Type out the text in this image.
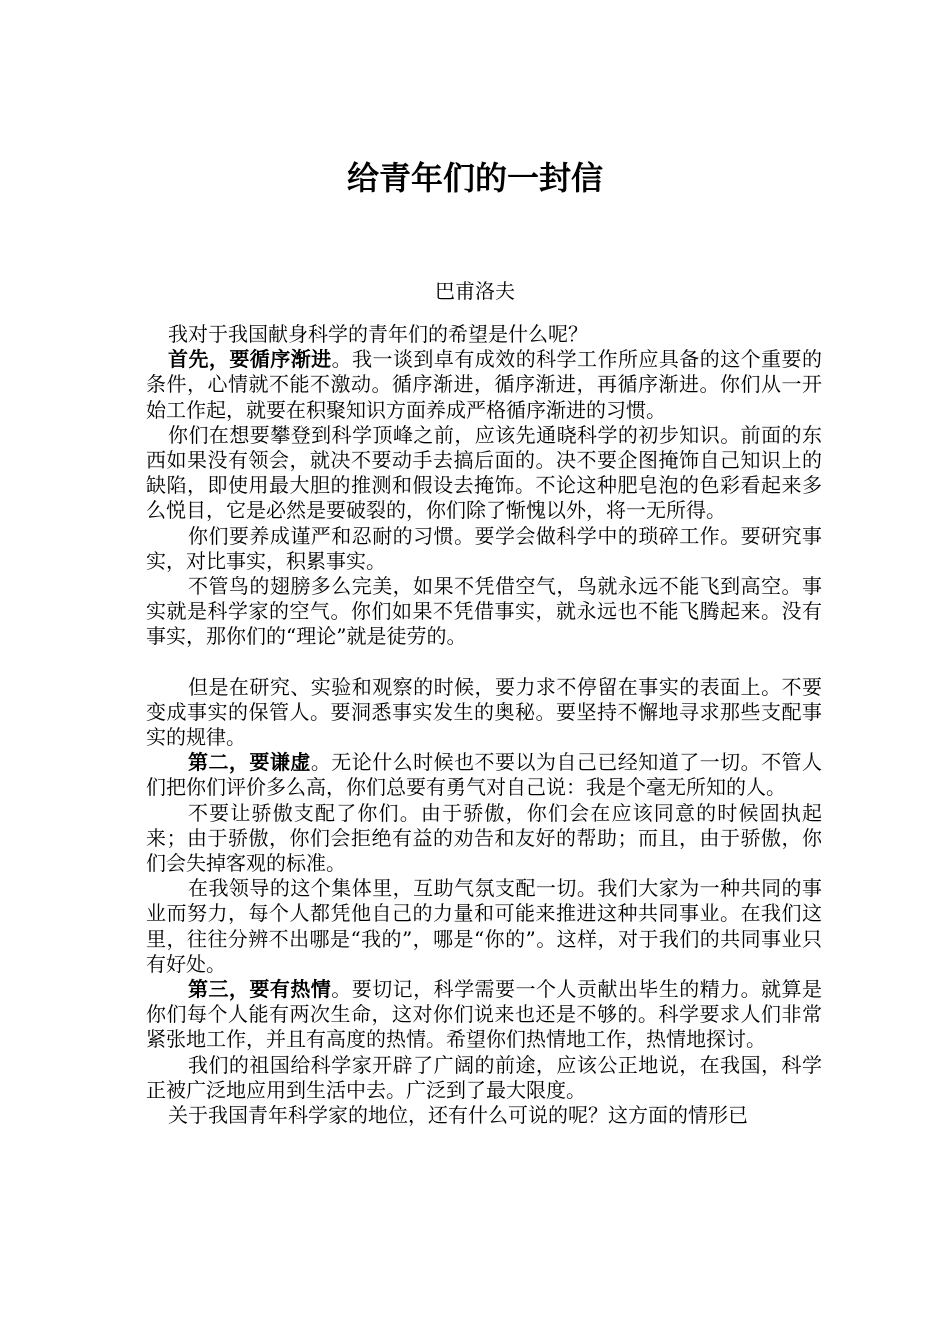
给青年们的一封信
巴甫洛夫

我对于我国献身科学的青年们的希望是什么呢？

首先，要循序渐进。我一谈到卓有成效的科学工作所应具备的这个重要的条件，心情就不能不激动。循序渐进，循序渐进，再循序渐进。你们从一开始工作起，就要在积聚知识方面养成严格循序渐进的习惯。

你们在想要攀登到科学顶峰之前，应该先通晓科学的初步知识。前面的东西如果没有领会，就决不要动手去搞后面的。决不要企图掩饰自己知识上的缺陷，即使用最大胆的推测和假设去掩饰。不论这种肥皂泡的色彩看起来多么悦目，它是必然是要破裂的，你们除了惭愧以外，将一无所得。

你们要养成谨严和忍耐的习惯。要学会做科学中的琐碎工作。要研究事实，对比事实，积累事实。

不管鸟的翅膀多么完美，如果不凭借空气，鸟就永远不能飞到高空。事实就是科学家的空气。你们如果不凭借事实，就永远也不能飞腾起来。没有事实，那你们的“理论”就是徒劳的。

但是在研究、实验和观察的时候，要力求不停留在事实的表面上。不要变成事实的保管人。要洞悉事实发生的奥秘。要坚持不懈地寻求那些支配事实的规律。

第二，要谦虚。无论什么时候也不要以为自己已经知道了一切。不管人们把你们评价多么高，你们总要有勇气对自己说：我是个毫无所知的人。

不要让骄傲支配了你们。由于骄傲，你们会在应该同意的时候固执起来；由于骄傲，你们会拒绝有益的劝告和友好的帮助；而且，由于骄傲，你们会失掉客观的标准。

在我领导的这个集体里，互助气氛支配一切。我们大家为一种共同的事业而努力，每个人都凭他自己的力量和可能来推进这种共同事业。在我们这里，往往分辨不出哪是“我的”，哪是“你的”。这样，对于我们的共同事业只有好处。

第三，要有热情。要切记，科学需要一个人贡献出毕生的精力。就算是你们每个人能有两次生命，这对你们说来也还是不够的。科学要求人们非常紧张地工作，并且有高度的热情。希望你们热情地工作，热情地探讨。

我们的祖国给科学家开辟了广阔的前途，应该公正地说，在我国，科学正被广泛地应用到生活中去。广泛到了最大限度。

关于我国青年科学家的地位，还有什么可说的呢？这方面的情形已
